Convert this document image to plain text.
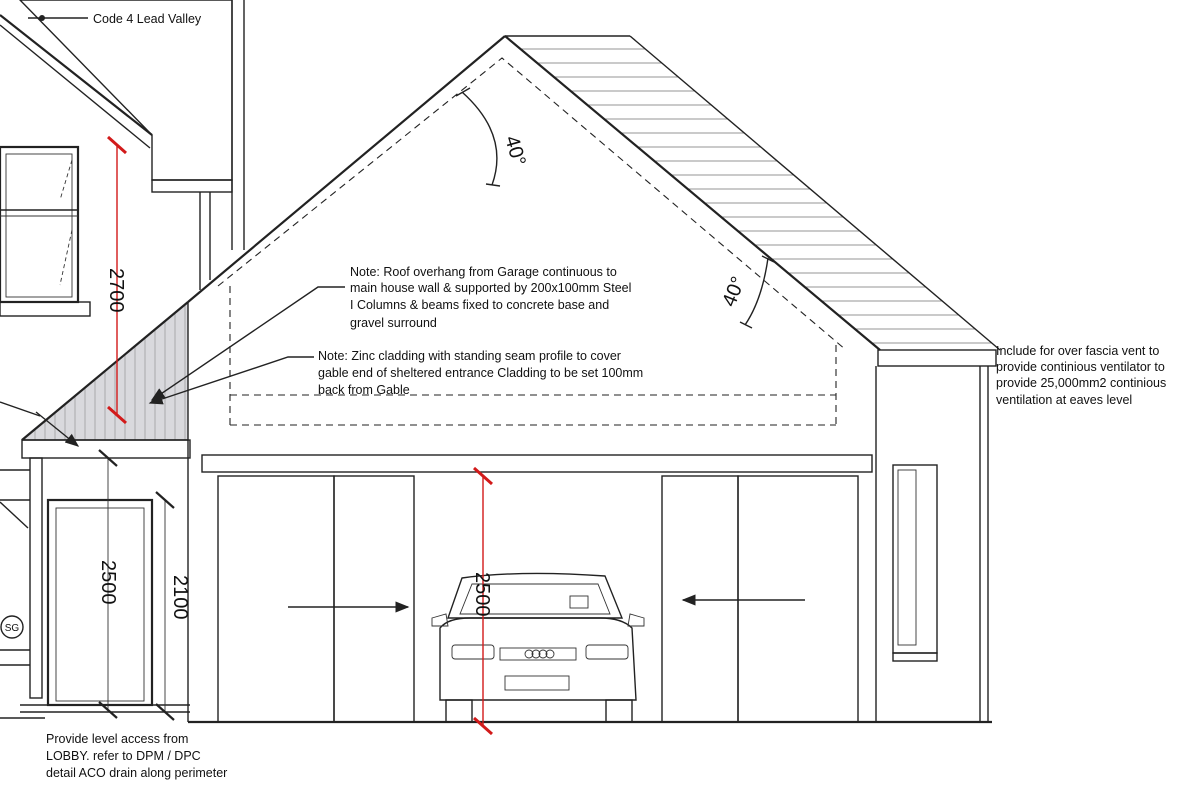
SG
40°
40°
2700
2500	2100	2500
Code 4 Lead Valley
Note: Roof overhang from Garage continuous to
main house wall & supported by 200x100mm Steel
I Columns & beams fixed to concrete base and
gravel surround
Note: Zinc cladding with standing seam profile to cover
gable end of sheltered entrance Cladding to be set 100mm
back from Gable
Include for over fascia vent to
provide continious ventilator to
provide 25,000mm2 continious
ventilation at eaves level
Provide level access from
LOBBY. refer to DPM / DPC
detail ACO drain along perimeter
